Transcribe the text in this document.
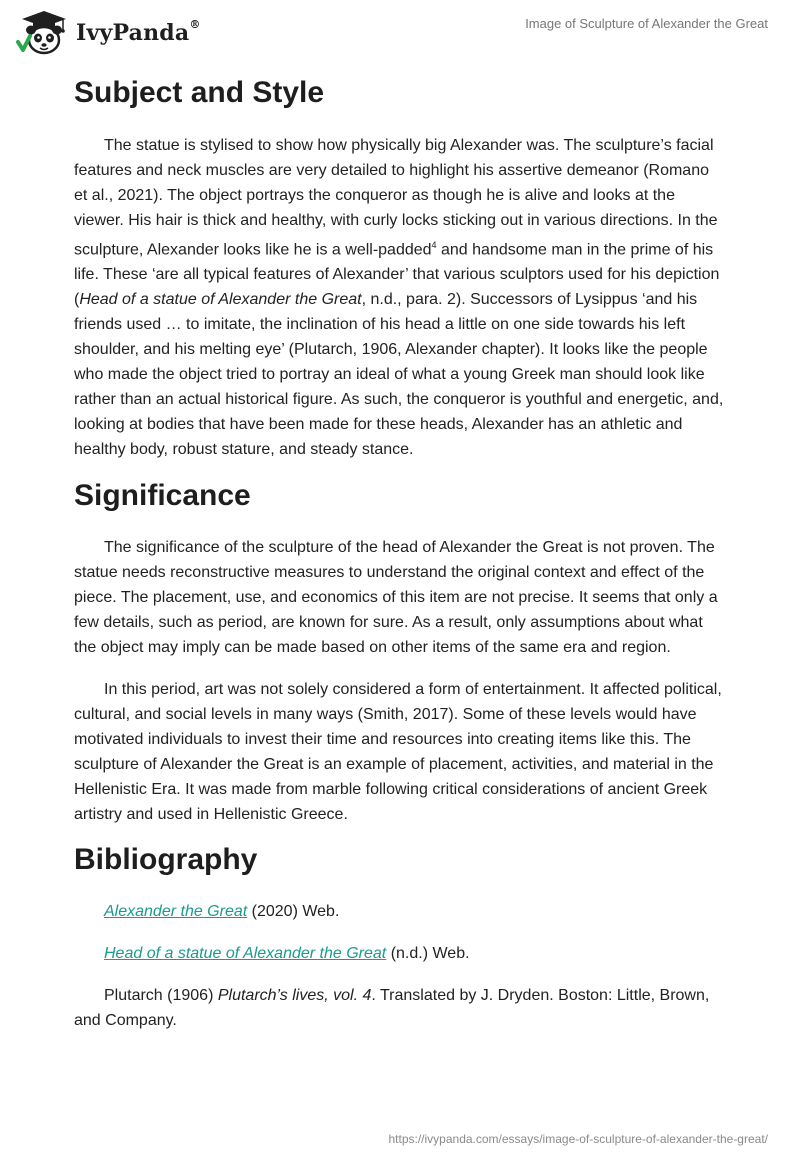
IvyPanda®	Image of Sculpture of Alexander the Great
Subject and Style

The statue is stylised to show how physically big Alexander was. The sculpture’s facial features and neck muscles are very detailed to highlight his assertive demeanor (Romano et al., 2021). The object portrays the conqueror as though he is alive and looks at the viewer. His hair is thick and healthy, with curly locks sticking out in various directions. In the sculpture, Alexander looks like he is a well-padded$^4$ and handsome man in the prime of his life. These ‘are all typical features of Alexander’ that various sculptors used for his depiction (Head of a statue of Alexander the Great, n.d., para. 2). Successors of Lysippus ‘and his friends used … to imitate, the inclination of his head a little on one side towards his left shoulder, and his melting eye’ (Plutarch, 1906, Alexander chapter). It looks like the people who made the object tried to portray an ideal of what a young Greek man should look like rather than an actual historical figure. As such, the conqueror is youthful and energetic, and, looking at bodies that have been made for these heads, Alexander has an athletic and healthy body, robust stature, and steady stance.

Significance

The significance of the sculpture of the head of Alexander the Great is not proven. The statue needs reconstructive measures to understand the original context and effect of the piece. The placement, use, and economics of this item are not precise. It seems that only a few details, such as period, are known for sure. As a result, only assumptions about what the object may imply can be made based on other items of the same era and region.

In this period, art was not solely considered a form of entertainment. It affected political, cultural, and social levels in many ways (Smith, 2017). Some of these levels would have motivated individuals to invest their time and resources into creating items like this. The sculpture of Alexander the Great is an example of placement, activities, and material in the Hellenistic Era. It was made from marble following critical considerations of ancient Greek artistry and used in Hellenistic Greece.

Bibliography
Alexander the Great (2020) Web.
Head of a statue of Alexander the Great (n.d.) Web.
Plutarch (1906) Plutarch’s lives, vol. 4. Translated by J. Dryden. Boston: Little, Brown, and Company.
https://ivypanda.com/essays/image-of-sculpture-of-alexander-the-great/
